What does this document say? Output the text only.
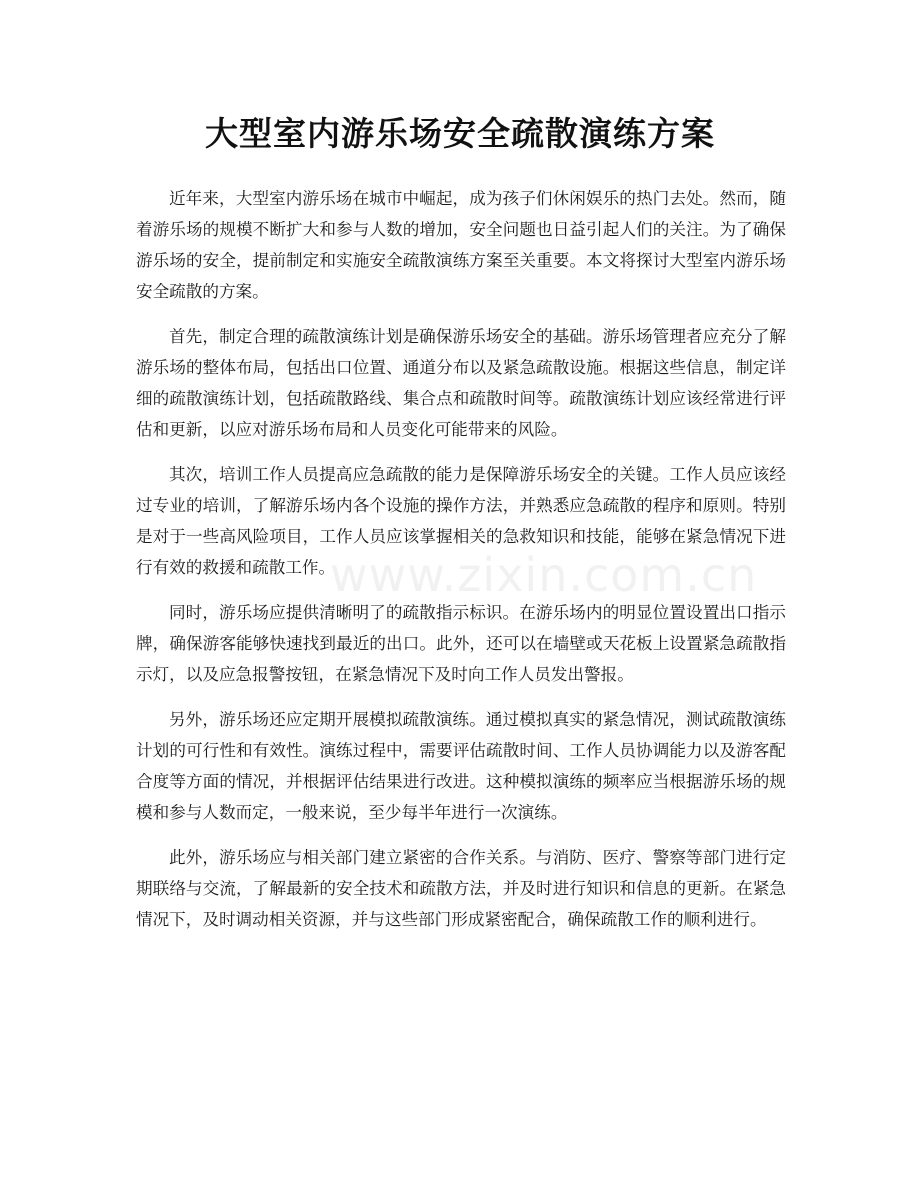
大型室内游乐场安全疏散演练方案

近年来，大型室内游乐场在城市中崛起，成为孩子们休闲娱乐的热门去处。然而，随着游乐场的规模不断扩大和参与人数的增加，安全问题也日益引起人们的关注。为了确保游乐场的安全，提前制定和实施安全疏散演练方案至关重要。本文将探讨大型室内游乐场安全疏散的方案。

首先，制定合理的疏散演练计划是确保游乐场安全的基础。游乐场管理者应充分了解游乐场的整体布局，包括出口位置、通道分布以及紧急疏散设施。根据这些信息，制定详细的疏散演练计划，包括疏散路线、集合点和疏散时间等。疏散演练计划应该经常进行评估和更新，以应对游乐场布局和人员变化可能带来的风险。

其次，培训工作人员提高应急疏散的能力是保障游乐场安全的关键。工作人员应该经过专业的培训，了解游乐场内各个设施的操作方法，并熟悉应急疏散的程序和原则。特别是对于一些高风险项目，工作人员应该掌握相关的急救知识和技能，能够在紧急情况下进行有效的救援和疏散工作。

同时，游乐场应提供清晰明了的疏散指示标识。在游乐场内的明显位置设置出口指示牌，确保游客能够快速找到最近的出口。此外，还可以在墙壁或天花板上设置紧急疏散指示灯，以及应急报警按钮，在紧急情况下及时向工作人员发出警报。

另外，游乐场还应定期开展模拟疏散演练。通过模拟真实的紧急情况，测试疏散演练计划的可行性和有效性。演练过程中，需要评估疏散时间、工作人员协调能力以及游客配合度等方面的情况，并根据评估结果进行改进。这种模拟演练的频率应当根据游乐场的规模和参与人数而定，一般来说，至少每半年进行一次演练。

此外，游乐场应与相关部门建立紧密的合作关系。与消防、医疗、警察等部门进行定期联络与交流，了解最新的安全技术和疏散方法，并及时进行知识和信息的更新。在紧急情况下，及时调动相关资源，并与这些部门形成紧密配合，确保疏散工作的顺利进行。

www.zixin.com.cn
